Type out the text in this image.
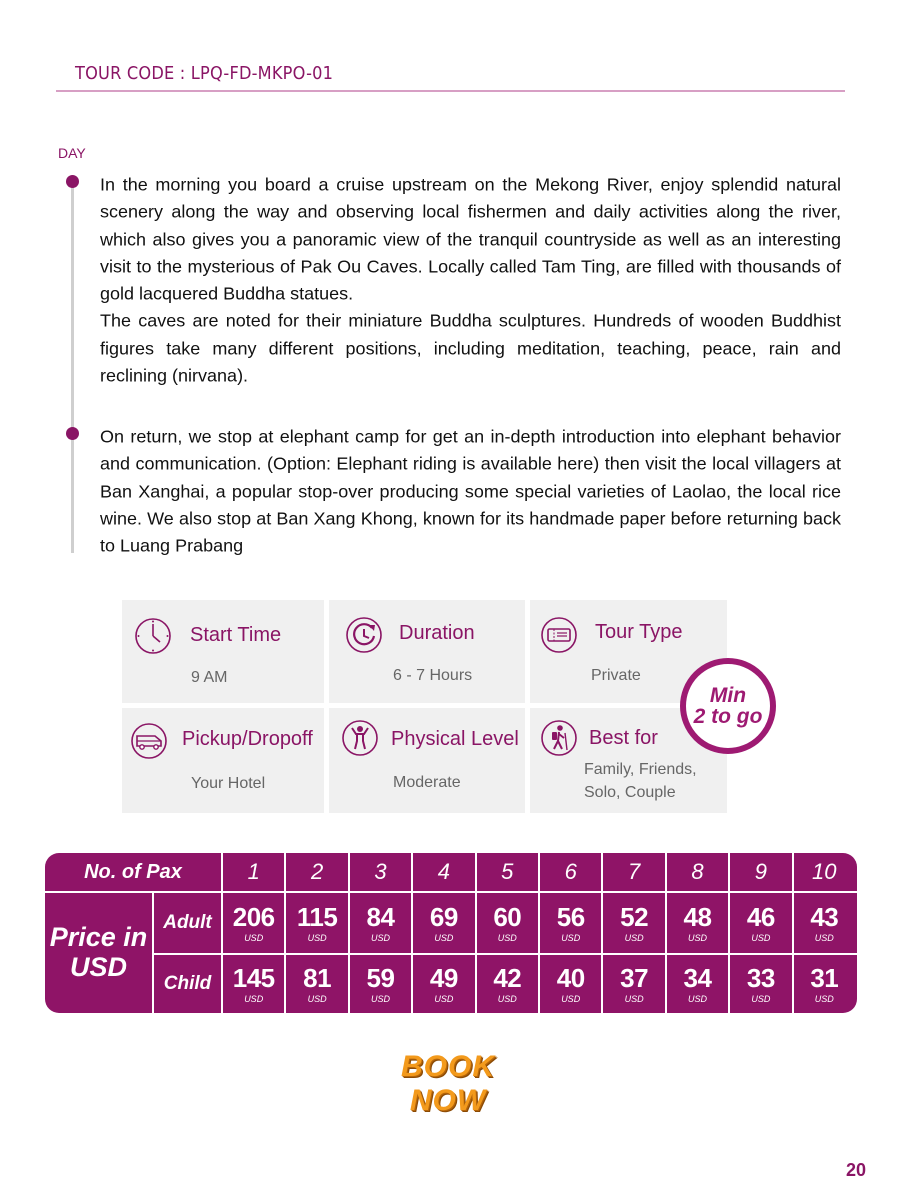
TOUR CODE : LPQ-FD-MKPO-01
DAY

In the morning you board a cruise upstream on the Mekong River, enjoy splendid natural scenery along the way and observing local fishermen and daily activities along the river, which also gives you a panoramic view of the tranquil countryside as well as an interesting visit to the mysterious of Pak Ou Caves. Locally called Tam Ting, are filled with thousands of gold lacquered Buddha statues.

The caves are noted for their miniature Buddha sculptures. Hundreds of wooden Buddhist figures take many different positions, including meditation, teaching, peace, rain and reclining (nirvana).

On return, we stop at elephant camp for get an in-depth introduction into elephant behavior and communication. (Option: Elephant riding is available here) then visit the local villagers at Ban Xanghai, a popular stop-over producing some special varieties of Laolao, the local rice wine. We also stop at Ban Xang Khong, known for its handmade paper before returning back to Luang Prabang

Start Time
9 AM
Duration
6 - 7 Hours
Tour Type
Private
Pickup/Dropoff
Your Hotel
Physical Level
Moderate
Best for
Family, Friends,
Solo, Couple
Min
2 to go
No. of Pax
Price in
USD
Adult
Child
1
206
USD
145
USD
2
115
USD
81
USD
3
84
USD
59
USD
4
69
USD
49
USD
5
60
USD
42
USD
6
56
USD
40
USD
7
52
USD
37
USD
8
48
USD
34
USD
9
46
USD
33
USD
10
43
USD
31
USD
BOOK NOW
20
